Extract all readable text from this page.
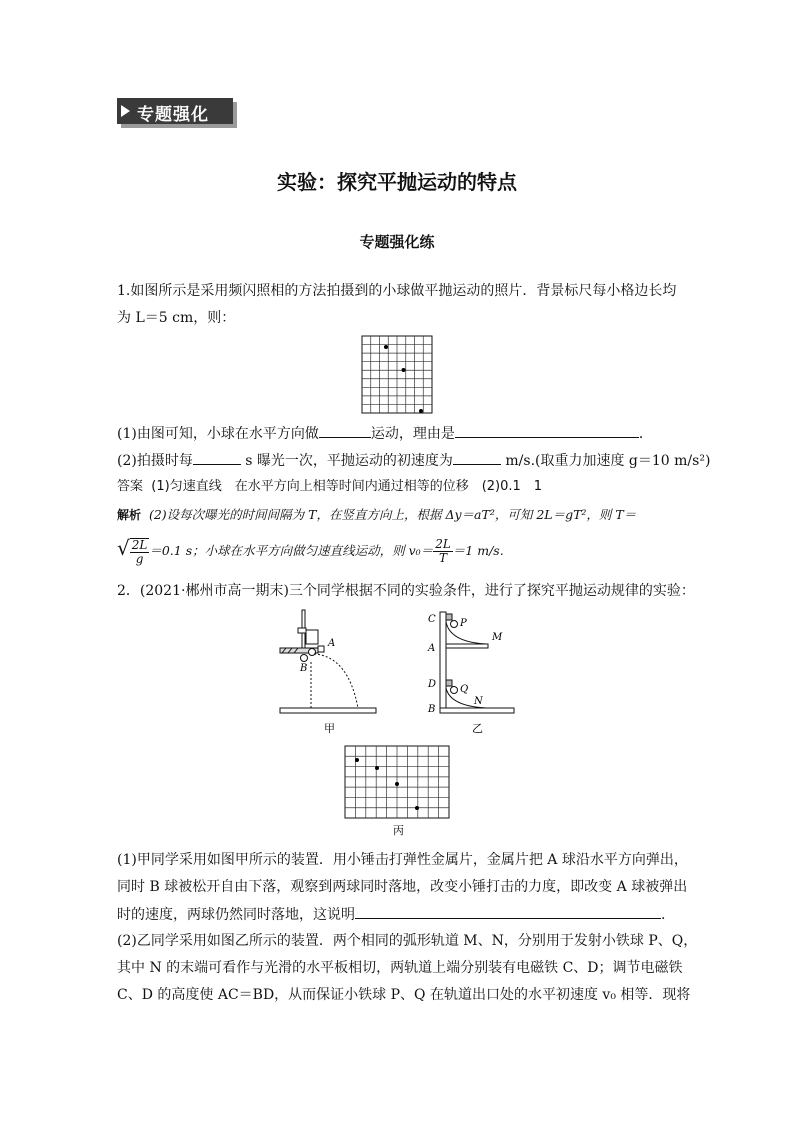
专题强化
实验：探究平抛运动的特点
专题强化练
1.如图所示是采用频闪照相的方法拍摄到的小球做平抛运动的照片．背景标尺每小格边长均
为 L＝5 cm，则：
(1)由图可知，小球在水平方向做	运动，理由是	．
(2)拍摄时每	s 曝光一次，平抛运动的初速度为	m/s.(取重力加速度 g＝10 m/s²)
答案 (1)匀速直线　在水平方向上相等时间内通过相等的位移　(2)0.1　1
解析 (2)设每次曝光的时间间隔为 T，在竖直方向上，根据 Δy＝aT²，可知 2L＝gT²，则 T＝
√ $\frac{2L}{g} =0.1$ s；小球在水平方向做匀速直线运动，则 $v_0= \frac{2L}{T} =1$ m/s.
2．(2021·郴州市高一期末)三个同学根据不同的实验条件，进行了探究平抛运动规律的实验：
A
B
甲
C
A
D
B
P
M
Q
N
乙
丙
(1)甲同学采用如图甲所示的装置．用小锤击打弹性金属片，金属片把 A 球沿水平方向弹出，
同时 B 球被松开自由下落，观察到两球同时落地，改变小锤打击的力度，即改变 A 球被弹出
时的速度，两球仍然同时落地，这说明	.
(2)乙同学采用如图乙所示的装置．两个相同的弧形轨道 M、N，分别用于发射小铁球 P、Q，
其中 N 的末端可看作与光滑的水平板相切，两轨道上端分别装有电磁铁 C、D；调节电磁铁
C、D 的高度使 AC＝BD，从而保证小铁球 P、Q 在轨道出口处的水平初速度 v₀ 相等．现将
